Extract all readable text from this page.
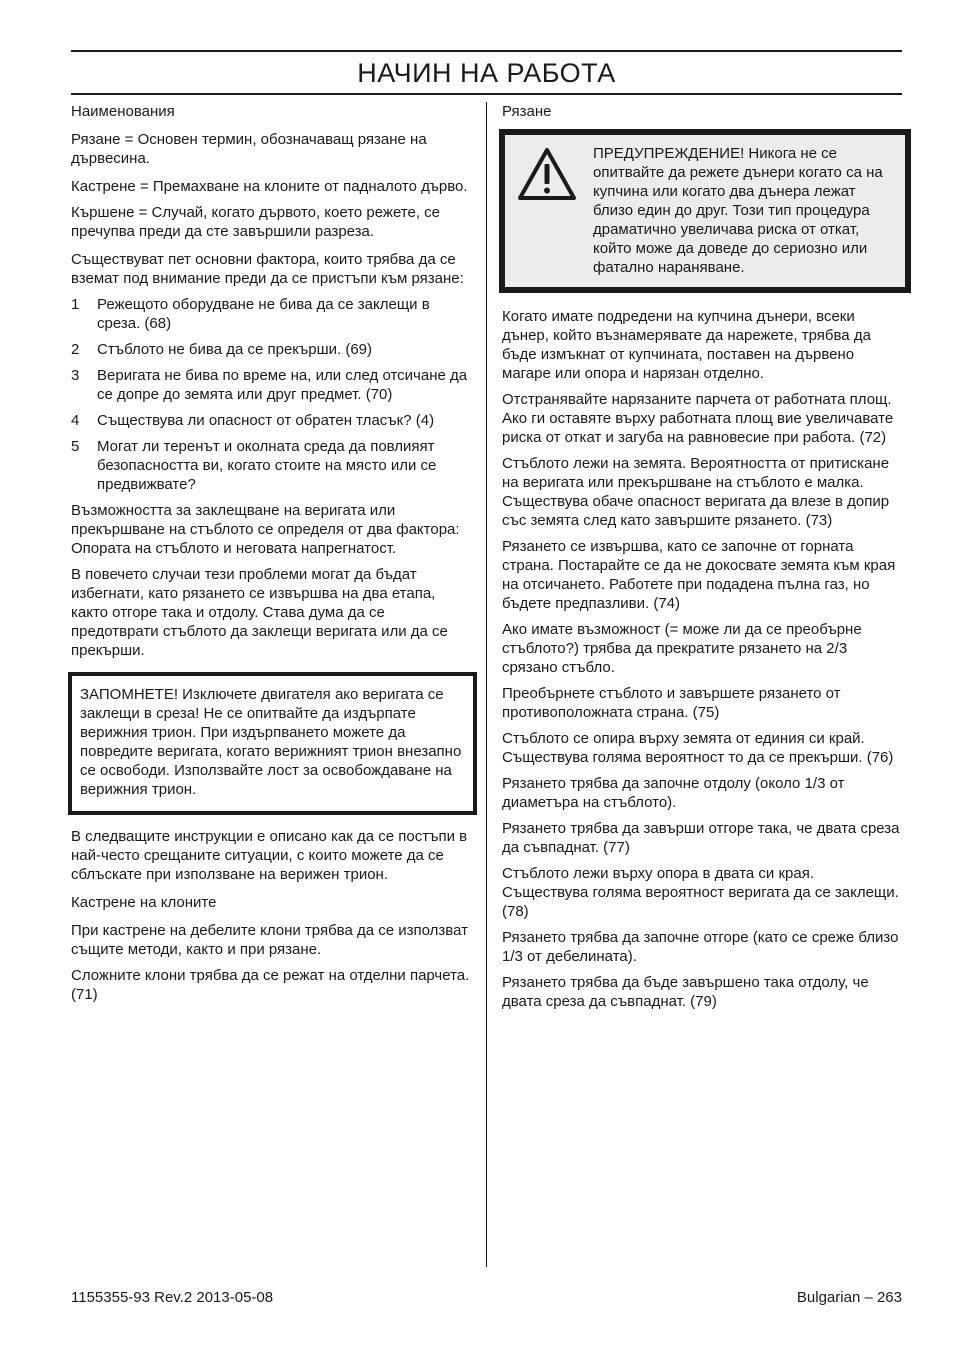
НАЧИН НА РАБОТА

Наименования

Рязане = Основен термин, обозначаващ рязане на дървесина.

Кастрене = Премахване на клоните от падналото дърво.

Кършене = Случай, когато дървото, което режете, се пречупва преди да сте завършили разреза.

Съществуват пет основни фактора, които трябва да се вземат под внимание преди да се пристъпи към рязане:

1 Режещото оборудване не бива да се заклещи в среза. (68)
2 Стъблото не бива да се прекърши. (69)
3 Веригата не бива по време на, или след отсичане да се допре до земята или друг предмет. (70)
4 Съществува ли опасност от обратен тласък? (4)
5 Могат ли теренът и околната среда да повлияят безопасността ви, когато стоите на място или се предвижвате?

Възможността за заклещване на веригата или прекършване на стъблото се определя от два фактора: Опората на стъблото и неговата напрегнатост.

В повечето случаи тези проблеми могат да бъдат избегнати, като рязането се извършва на два етапа, както отгоре така и отдолу. Става дума да се предотврати стъблото да заклещи веригата или да се прекърши.

ЗАПОМНЕТЕ! Изключете двигателя ако веригата се заклещи в среза! Не се опитвайте да издърпате верижния трион. При издърпването можете да повредите веригата, когато верижният трион внезапно се освободи. Използвайте лост за освобождаване на верижния трион.

В следващите инструкции е описано как да се постъпи в най-често срещаните ситуации, с които можете да се сблъскате при използване на верижен трион.

Кастрене на клоните

При кастрене на дебелите клони трябва да се използват същите методи, както и при рязане.

Сложните клони трябва да се режат на отделни парчета. (71)

Рязане

ПРЕДУПРЕЖДЕНИЕ! Никога не се опитвайте да режете дънери когато са на купчина или когато два дънера лежат близо един до друг. Този тип процедура драматично увеличава риска от откат, който може да доведе до сериозно или фатално нараняване.

Когато имате подредени на купчина дънери, всеки дънер, който възнамерявате да нарежете, трябва да бъде измъкнат от купчината, поставен на дървено магаре или опора и нарязан отделно.

Отстранявайте нарязаните парчета от работната площ. Ако ги оставяте върху работната площ вие увеличавате риска от откат и загуба на равновесие при работа. (72)

Стъблото лежи на земята. Вероятността от притискане на веригата или прекършване на стъблото е малка. Съществува обаче опасност веригата да влезе в допир със земята след като завършите рязането. (73)

Рязането се извършва, като се започне от горната страна. Постарайте се да не докосвате земята към края на отсичането. Работете при подадена пълна газ, но бъдете предпазливи. (74)

Ако имате възможност (= може ли да се преобърне стъблото?) трябва да прекратите рязането на 2/3 срязано стъбло.

Преобърнете стъблото и завършете рязането от противоположната страна. (75)

Стъблото се опира върху земята от единия си край. Съществува голяма вероятност то да се прекърши. (76)

Рязането трябва да започне отдолу (около 1/3 от диаметъра на стъблото).

Рязането трябва да завърши отгоре така, че двата среза да съвпаднат. (77)

Стъблото лежи върху опора в двата си края. Съществува голяма вероятност веригата да се заклещи. (78)

Рязането трябва да започне отгоре (като се среже близо 1/3 от дебелината).

Рязането трябва да бъде завършено така отдолу, че двата среза да съвпаднат. (79)

1155355-93 Rev.2 2013-05-08	Bulgarian – 263
